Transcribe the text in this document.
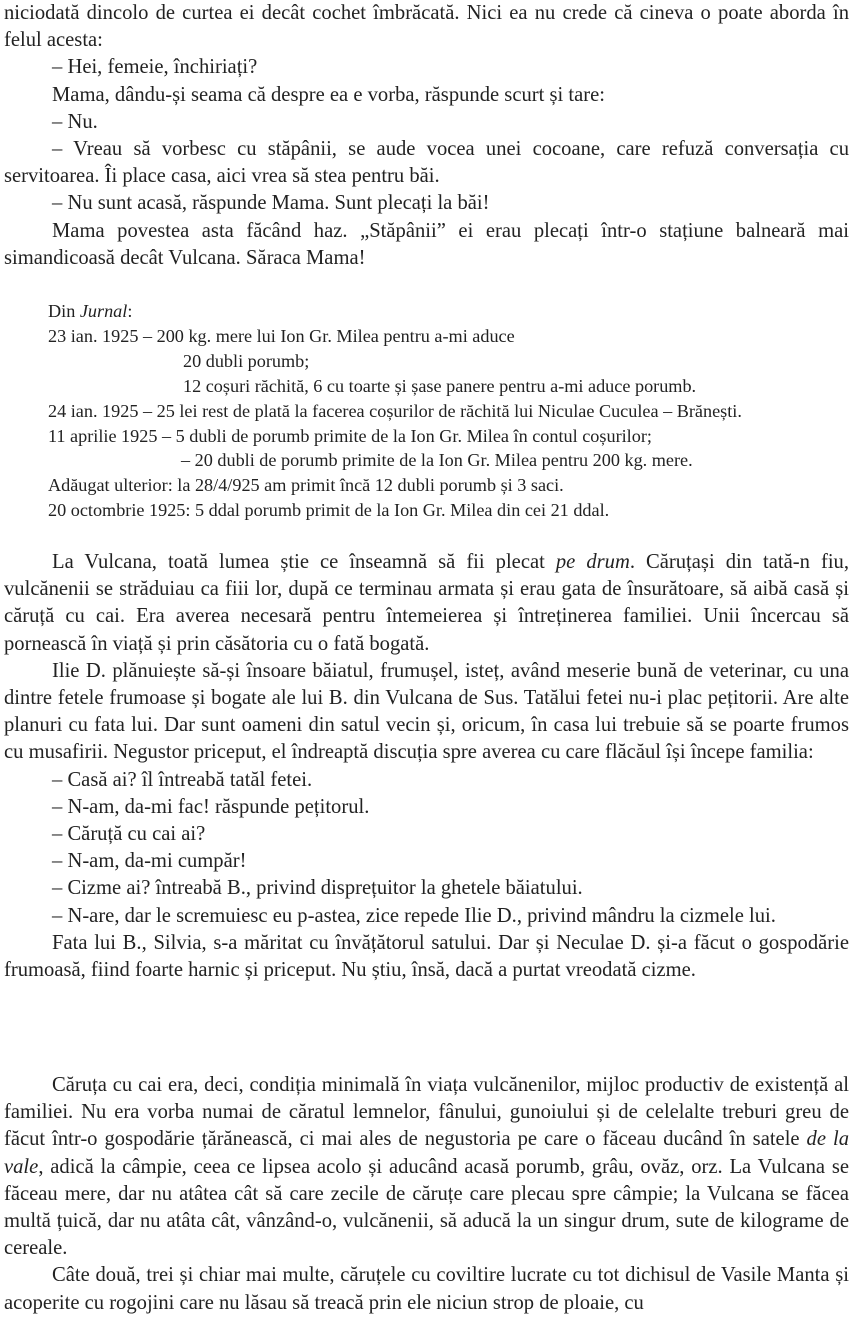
niciodată dincolo de curtea ei decât cochet îmbrăcată. Nici ea nu crede că cineva o poate aborda în felul acesta:

– Hei, femeie, închiriați?

Mama, dându-și seama că despre ea e vorba, răspunde scurt și tare:

– Nu.

– Vreau să vorbesc cu stăpânii, se aude vocea unei cocoane, care refuză conversația cu servitoarea. Îi place casa, aici vrea să stea pentru băi.

– Nu sunt acasă, răspunde Mama. Sunt plecați la băi!

Mama povestea asta făcând haz. „Stăpânii” ei erau plecați într-o stațiune balneară mai simandicoasă decât Vulcana. Săraca Mama!

Din Jurnal:
23 ian. 1925 – 200 kg. mere lui Ion Gr. Milea pentru a-mi aduce
20 dubli porumb;
12 coșuri răchită, 6 cu toarte și șase panere pentru a-mi aduce porumb.
24 ian. 1925 – 25 lei rest de plată la facerea coșurilor de răchită lui Niculae Cuculea – Brănești.
11 aprilie 1925 – 5 dubli de porumb primite de la Ion Gr. Milea în contul coșurilor;
– 20 dubli de porumb primite de la Ion Gr. Milea pentru 200 kg. mere.
Adăugat ulterior: la 28/4/925 am primit încă 12 dubli porumb și 3 saci.
20 octombrie 1925: 5 ddal porumb primit de la Ion Gr. Milea din cei 21 ddal.

La Vulcana, toată lumea știe ce înseamnă să fii plecat pe drum. Căruțași din tată-n fiu, vulcănenii se străduiau ca fiii lor, după ce terminau armata și erau gata de însurătoare, să aibă casă și căruță cu cai. Era averea necesară pentru întemeierea și întreținerea familiei. Unii încercau să pornească în viață și prin căsătoria cu o fată bogată.

Ilie D. plănuiește să-și însoare băiatul, frumușel, isteț, având meserie bună de veterinar, cu una dintre fetele frumoase și bogate ale lui B. din Vulcana de Sus. Tatălui fetei nu-i plac pețitorii. Are alte planuri cu fata lui. Dar sunt oameni din satul vecin și, oricum, în casa lui trebuie să se poarte frumos cu musafirii. Negustor priceput, el îndreaptă discuția spre averea cu care flăcăul își începe familia:

– Casă ai? îl întreabă tatăl fetei.

– N-am, da-mi fac! răspunde pețitorul.

– Căruță cu cai ai?

– N-am, da-mi cumpăr!

– Cizme ai? întreabă B., privind disprețuitor la ghetele băiatului.

– N-are, dar le scremuiesc eu p-astea, zice repede Ilie D., privind mândru la cizmele lui.

Fata lui B., Silvia, s-a măritat cu învățătorul satului. Dar și Neculae D. și-a făcut o gospodărie frumoasă, fiind foarte harnic și priceput. Nu știu, însă, dacă a purtat vreodată cizme.

Căruța cu cai era, deci, condiția minimală în viața vulcănenilor, mijloc productiv de existență al familiei. Nu era vorba numai de căratul lemnelor, fânului, gunoiului și de celelalte treburi greu de făcut într-o gospodărie țărănească, ci mai ales de negustoria pe care o făceau ducând în satele de la vale, adică la câmpie, ceea ce lipsea acolo și aducând acasă porumb, grâu, ovăz, orz. La Vulcana se făceau mere, dar nu atâtea cât să care zecile de căruțe care plecau spre câmpie; la Vulcana se făcea multă țuică, dar nu atâta cât, vânzând-o, vulcănenii, să aducă la un singur drum, sute de kilograme de cereale.

Câte două, trei și chiar mai multe, căruțele cu coviltire lucrate cu tot dichisul de Vasile Manta și acoperite cu rogojini care nu lăsau să treacă prin ele niciun strop de ploaie, cu
